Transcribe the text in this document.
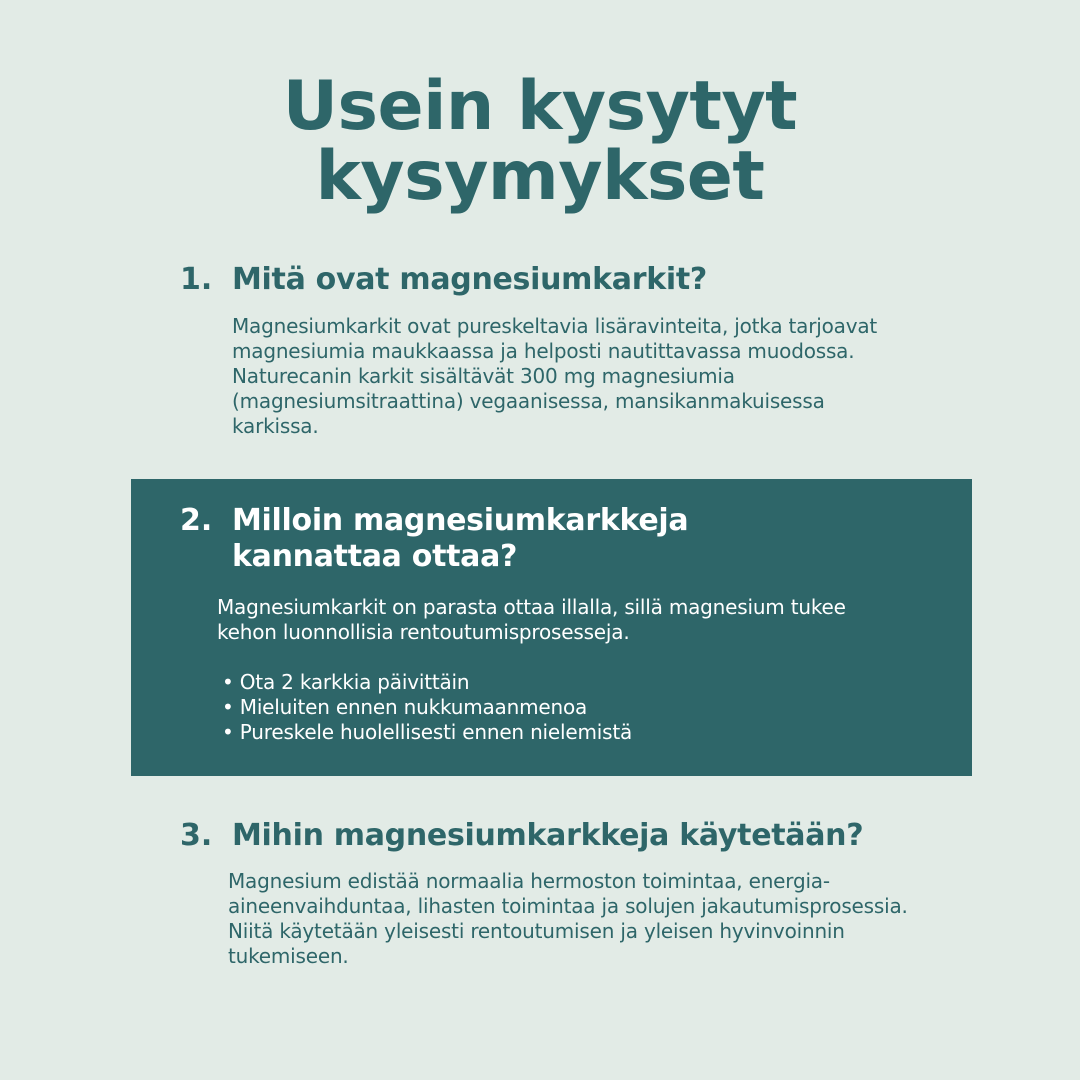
Usein kysytyt
kysymykset
1. Mitä ovat magnesiumkarkit?

Magnesiumkarkit ovat pureskeltavia lisäravinteita, jotka tarjoavat magnesiumia maukkaassa ja helposti nautittavassa muodossa. Naturecanin karkit sisältävät 300 mg magnesiumia (magnesiumsitraattina) vegaanisessa, mansikanmakuisessa karkissa.

2. Milloin magnesiumkarkkeja kannattaa ottaa?

Magnesiumkarkit on parasta ottaa illalla, sillä magnesium tukee kehon luonnollisia rentoutumisprosesseja.

• Ota 2 karkkia päivittäin
• Mieluiten ennen nukkumaanmenoa
• Pureskele huolellisesti ennen nielemistä
3. Mihin magnesiumkarkkeja käytetään?

Magnesium edistää normaalia hermoston toimintaa, energia-aineenvaihduntaa, lihasten toimintaa ja solujen jakautumisprosessia. Niitä käytetään yleisesti rentoutumisen ja yleisen hyvinvoinnin tukemiseen.
